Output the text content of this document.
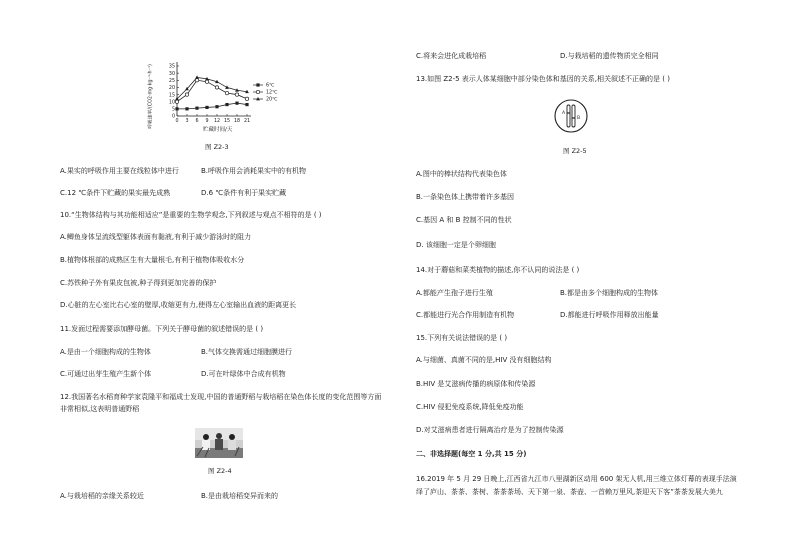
0
5
10
15
20
25
30
35
0 3 6 9 12 15 18 21
6℃
12℃
20℃
呼吸速率/(CO2·mg·kg⁻¹·h⁻¹)
贮藏时间/天
图 Z2-3
A.果实的呼吸作用主要在线粒体中进行	B.呼吸作用会消耗果实中的有机物
C.12 ℃条件下贮藏的果实最先成熟	D.6 ℃条件有利于果实贮藏
10.“生物体结构与其功能相适应”是重要的生物学观念,下列叙述与观点不相符的是 ( )
A.鲫鱼身体呈流线型躯体表面有黏液,有利于减少游泳时的阻力
B.植物体根部的成熟区生有大量根毛,有利于植物体吸收水分
C.苏铁种子外有果皮包被,种子得到更加完善的保护
D.心脏的左心室比右心室的壁厚,收缩更有力,使得左心室输出血液的距离更长
11.发面过程需要添加酵母菌。下列关于酵母菌的叙述错误的是 ( )
A.是由一个细胞构成的生物体	B.气体交换需通过细胞膜进行
C.可通过出芽生殖产生新个体	D.可在叶绿体中合成有机物
12.我国著名水稻育种学家袁隆平和福成士发现,中国的普通野稻与栽培稻在染色体长度的变化范围等方面
非常相似,这表明普通野稻
图 Z2-4
A.与栽培稻的亲缘关系较近	B.是由栽培稻变异而来的
C.将来会进化成栽培稻	D.与栽培稻的遗传物质完全相同
13.如图 Z2-5 表示人体某细胞中部分染色体和基因的关系,相关叙述不正确的是 ( )
A
B
图 Z2-5
A.图中的棒状结构代表染色体
B.一条染色体上携带着许多基因
C.基因 A 和 B 控制不同的性状
D. 该细胞一定是个卵细胞
14.对于蘑菇和菜类植物的描述,你不认同的说法是 ( )
A.都能产生孢子进行生殖	B.都是由多个细胞构成的生物体
C.都能进行光合作用制造有机物	D.都能进行呼吸作用释放出能量
15.下列有关说法错误的是 ( )
A.与细菌、真菌不同的是,HIV 没有细胞结构
B.HIV 是艾滋病传播的病原体和传染源
C.HIV 侵犯免疫系统,降低免疫功能
D.对艾滋病患者进行隔离治疗是为了控制传染源
二、非选择题(每空 1 分,共 15 分)
16.2019 年 5 月 29 日晚上,江西省九江市八里湖新区动用 600 架无人机,用三维立体灯幕的表现手法演
绎了庐山、茶茶、茶树、茶茶茶场、天下第一泉、茶壶、一首赖万里风,茶迎天下客”茶茶发展大美九
